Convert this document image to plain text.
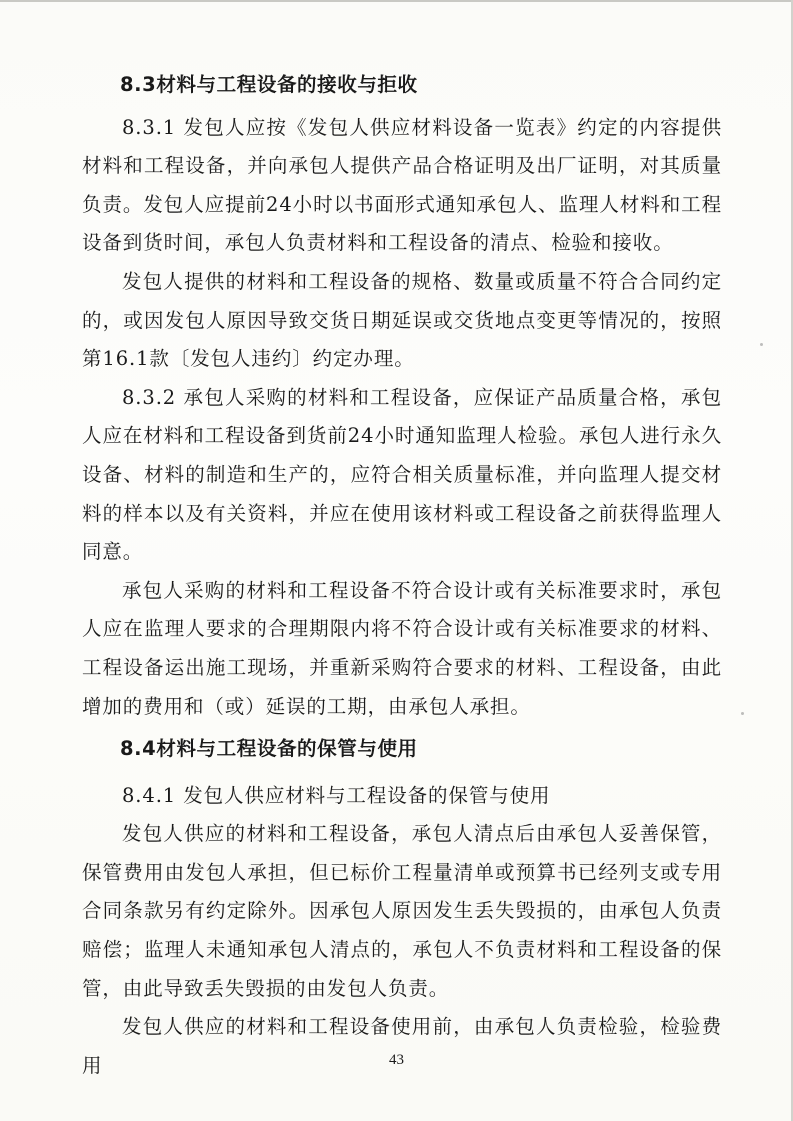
8.3材料与工程设备的接收与拒收

8.3.1 发包人应按《发包人供应材料设备一览表》约定的内容提供材料和工程设备，并向承包人提供产品合格证明及出厂证明，对其质量负责。发包人应提前24小时以书面形式通知承包人、监理人材料和工程设备到货时间，承包人负责材料和工程设备的清点、检验和接收。

发包人提供的材料和工程设备的规格、数量或质量不符合合同约定的，或因发包人原因导致交货日期延误或交货地点变更等情况的，按照第16.1款〔发包人违约〕约定办理。

8.3.2 承包人采购的材料和工程设备，应保证产品质量合格，承包人应在材料和工程设备到货前24小时通知监理人检验。承包人进行永久设备、材料的制造和生产的，应符合相关质量标准，并向监理人提交材料的样本以及有关资料，并应在使用该材料或工程设备之前获得监理人同意。

承包人采购的材料和工程设备不符合设计或有关标准要求时，承包人应在监理人要求的合理期限内将不符合设计或有关标准要求的材料、工程设备运出施工现场，并重新采购符合要求的材料、工程设备，由此增加的费用和（或）延误的工期，由承包人承担。

8.4材料与工程设备的保管与使用

8.4.1 发包人供应材料与工程设备的保管与使用

发包人供应的材料和工程设备，承包人清点后由承包人妥善保管，保管费用由发包人承担，但已标价工程量清单或预算书已经列支或专用合同条款另有约定除外。因承包人原因发生丢失毁损的，由承包人负责赔偿；监理人未通知承包人清点的，承包人不负责材料和工程设备的保管，由此导致丢失毁损的由发包人负责。

发包人供应的材料和工程设备使用前，由承包人负责检验，检验费用	43
